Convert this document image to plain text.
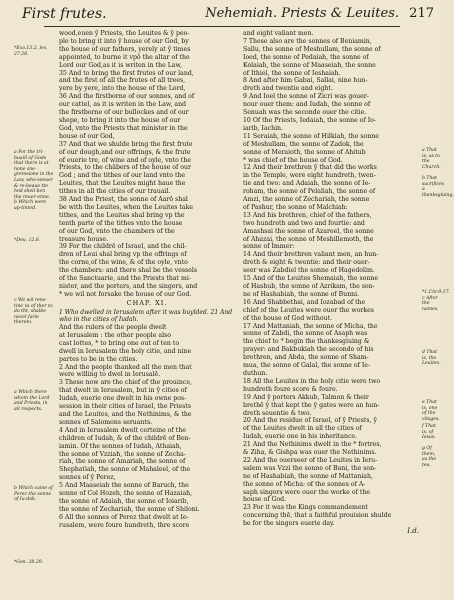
First frutes.	Nehemiah. Priests & Leuites. 217

wood,euen ŷ Priests, the Leuites & ŷ peo-

ple to bring it into ŷ house of our God, by

the house of our fathers, yerely at ŷ times

appointed, to burne it vpō the altar of the

Lord our God,as it is writen in the Law,

35 And to bring the first frutes of our land,

and the first of all the frutes of all trees,

yere by yere, into the house of the Lord,

36 And the firstborne of our sonnes, and of

our cattel, as it is writen in the Law, and

the firstborne of our bullockes and of our

shepe, to bring it into the house of our

God, vnto the Priests that minister in the

house of our God,

37 And that we shulde bring the first frute

of our dough,and our offrings, & the frute

of euerie tre, of wine and of oyle, vnto the

Priests, to the chābers of the house of our

God ; and the tithes of our land vnto the

Leuites, that the Leuites might haue the

tithes in all the cities of our trauail.

38 And the Priest, the sonne of Aarō shal

be with the Leuites, when the Leuites take

tithes, and the Leuites shal bring vp the

tenth parte of the tithes vnto the house

of our God, vnto the chambers of the

treasure house.

39 For the childrē of Israel, and the chil-

dren of Leui shal bring vp the offrings of

the corne,of the wine, & of the oyle, vnto

the chambers: and there shal be the vessels

of the Sanctuarie, and the Priests that mi-

nister, and the porters, and the singers, and

* we wil not forsake the house of our God.

CHAP. XI.

1 Who dwelled in Ierusalem after it was buylded. 21 And who in the cities of Iudah.

And the rulers of the people dwelt

at Ierusalem : the other people also

cast lottes, * to bring one out of ten to

dwell in Ierusalem the holy citie, and nine

partes to be in the cities.

2 And the people thanked all the men that

were willing to dwel in Ierusalē.

3 These now are the chief of the prouince,

that dwelt in Ierusalem, but in ŷ cities of

Iudah, euerie one dwelt in his owne pos-

session in their cities of Israel, the Priests

and the Leuites, and the Nethinims, & the

sonnes of Salomons seruants.

4 And in Ierusalem dwelt certeine of the

children of Iudah, & of the childrē of Ben-

iamin. Of the sonnes of Iudah, Athaiah,

the sonne of Vzziah, the sonne of Zecha-

riah, the sonne of Amariah, the sonne of

Shephatiah, the sonne of Mahaleel, of the

sonnes of ŷ Perez,

5 And Maaseiah the sonne of Baruch, the

sonne of Col Hozeh, the sonne of Hazaiah,

the sonne of Adaiah, the sonne of Ioiarib,

the sonne of Zechariah, the sonne of Shiloni.

6 All the sonnes of Perez that dwelt at Ie-

rusalem, were foure hundreth, thre score

and eight valiant men.

7 These also are the sonnes of Beniamin,

Sallu, the sonne of Meshullam, the sonne of

Ioed, the sonne of Pedaiah, the sonne of

Kolaiah, the sonne of Maaseiah, the sonne

of Ithiel, the sonne of Ieshaiah.

8 And after him Gabai, Sallai, nine hun-

dreth and twentie and eight.

9 And Ioel the sonne of Zicri was gouer-

nour ouer them: and Iudah, the sonne of

Senuah was the seconde ouer the citie.

10 Of the Priests, Iedaiah, the sonne of Io-

iarib, Iachin.

11 Seraiah, the sonne of Hilkiah, the sonne

of Meshullam, the sonne of Zadok, the

sonne of Meraioth, the sonne of Ahitub

* was chief of the house of God.

12 And their brethren ŷ that did the works

in the Temple, were eight hundreth, twen-

tie and two: and Adaiah, the sonne of Ie-

roham, the sonne of Pelaliah, the sonne of

Amzi, the sonne of Zechariah, the sonne

of Pashur, the sonne of Malchiah:

13 And his brethren, chief of the fathers,

two hundreth and two and fourtie: and

Amashsai the sonne of Azareel, the sonne

of Ahazai, the sonne of Meshillemoth, the

sonne of Immer:

14 And their brethren valiant men, an hun-

dreth & eight & twentie: and their ouer-

seer was Zabdiel the sonne of Hagedolim.

15 And of the Leuites Shemaiah, the sonne

of Hashub, the sonne of Azrikam, the son-

ne of Hashabiah, the sonne of Bunni.

16 And Shabbethai, and Iozabad of the

chief of the Leuites were ouer the workes

of the house of God without.

17 And Mattaniah, the sonne of Micha, the

sonne of Zabdi, the sonne of Asaph was

the chief to * begin the thankesgiuing &

prayer: and Bakbukiah the seconde of his

brethren, and Abda, the sonne of Sham-

mua, the sonne of Galal, the sonne of Ie-

duthun.

18 All the Leuites in the holy citie were two

hundreth foure score & foure.

19 And ŷ porters Akkub, Talmon & their

brethē ŷ that kept the ŷ gates were an hun-

dreth seuentie & two.

20 And the residue of Israel, of ŷ Priests, ŷ

of the Leuites dwelt in all the cities of

Iudah, euerie one in his inheritance.

21 And the Nethinims dwelt in the * fortres,

& Ziha, & Gishpa was ouer the Nethinims.

22 And the ouerseer of the Leuites in Ieru-

salem was Vzzi the sonne of Bani, the son-

ne of Hashabiah, the sonne of Mattaniah,

the sonne of Micha: of the sonnes of A-

saph singers were ouer the worke of the

house of God.

23 For it was the Kings commandement

concerning thē, that a faithful prouision shulde

be for the singers euerie day.

I.d.

*Exo.13.2. lev. 27.26.
a For the tri-buaill of Gods that there is at none sne-gremsione in the Law, who-soeuer & re-beaue tte hod sheil ben the reuer-enne.
b Which were ap-tinted.
*Deu. 12.6.
c We wil rene-tine vs of ther to do tht, shalbe necel-farie thereto.
a Which there whom the Lord and Priests, in all respects.
b Which came of Perez the sonne of Iu-dah.
*Gen. 38.29.
a That is, as to the Church.
b That sacrifices a thanksgiuing.
*1.Chr.9.17. c After the names.
d That is, the Leuites.
e That is, one of the vilages.
f That is, of Iesus.
g Of them, as the tea.
